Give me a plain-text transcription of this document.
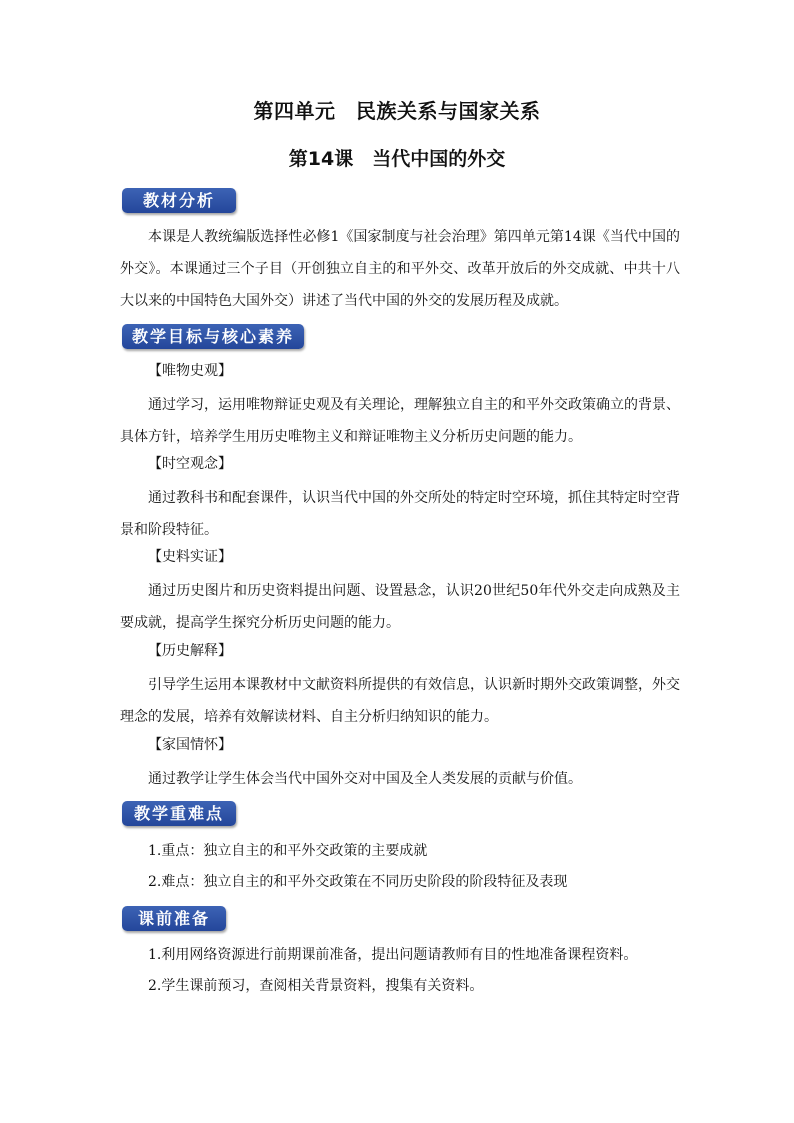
第四单元　民族关系与国家关系
第14课　当代中国的外交
教材分析
本课是人教统编版选择性必修1《国家制度与社会治理》第四单元第14课《当代中国的外交》。本课通过三个子目（开创独立自主的和平外交、改革开放后的外交成就、中共十八大以来的中国特色大国外交）讲述了当代中国的外交的发展历程及成就。
教学目标与核心素养
【唯物史观】
通过学习，运用唯物辩证史观及有关理论，理解独立自主的和平外交政策确立的背景、具体方针，培养学生用历史唯物主义和辩证唯物主义分析历史问题的能力。
【时空观念】
通过教科书和配套课件，认识当代中国的外交所处的特定时空环境，抓住其特定时空背景和阶段特征。
【史料实证】
通过历史图片和历史资料提出问题、设置悬念，认识20世纪50年代外交走向成熟及主要成就，提高学生探究分析历史问题的能力。
【历史解释】
引导学生运用本课教材中文献资料所提供的有效信息，认识新时期外交政策调整，外交理念的发展，培养有效解读材料、自主分析归纳知识的能力。
【家国情怀】
通过教学让学生体会当代中国外交对中国及全人类发展的贡献与价值。
教学重难点
1.重点：独立自主的和平外交政策的主要成就
2.难点：独立自主的和平外交政策在不同历史阶段的阶段特征及表现
课前准备
1.利用网络资源进行前期课前准备，提出问题请教师有目的性地准备课程资料。
2.学生课前预习，查阅相关背景资料，搜集有关资料。
